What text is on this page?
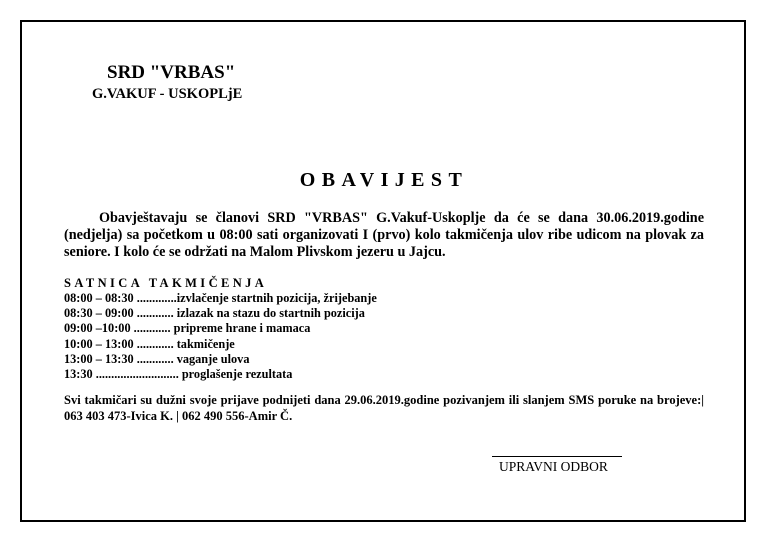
SRD "VRBAS"
G.VAKUF - USKOPLjE
OBAVIJEST
Obavještavaju se članovi SRD "VRBAS" G.Vakuf-Uskoplje da će se dana 30.06.2019.godine (nedjelja) sa početkom u 08:00 sati organizovati I (prvo) kolo takmičenja ulov ribe udicom na plovak za seniore. I kolo će se održati na Malom Plivskom jezeru u Jajcu.
SATNICA TAKMIČENJA
08:00 – 08:30 .............izvlačenje startnih pozicija, žrijebanje
08:30 – 09:00 ............ izlazak na stazu do startnih pozicija
09:00 –10:00 ............ pripreme hrane i mamaca
10:00 – 13:00 ............ takmičenje
13:00 – 13:30 ............ vaganje ulova
13:30 ........................... proglašenje rezultata
Svi takmičari su dužni svoje prijave podnijeti dana 29.06.2019.godine pozivanjem ili slanjem SMS poruke na brojeve:| 063 403 473-Ivica K. | 062 490 556-Amir Č.
UPRAVNI ODBOR
